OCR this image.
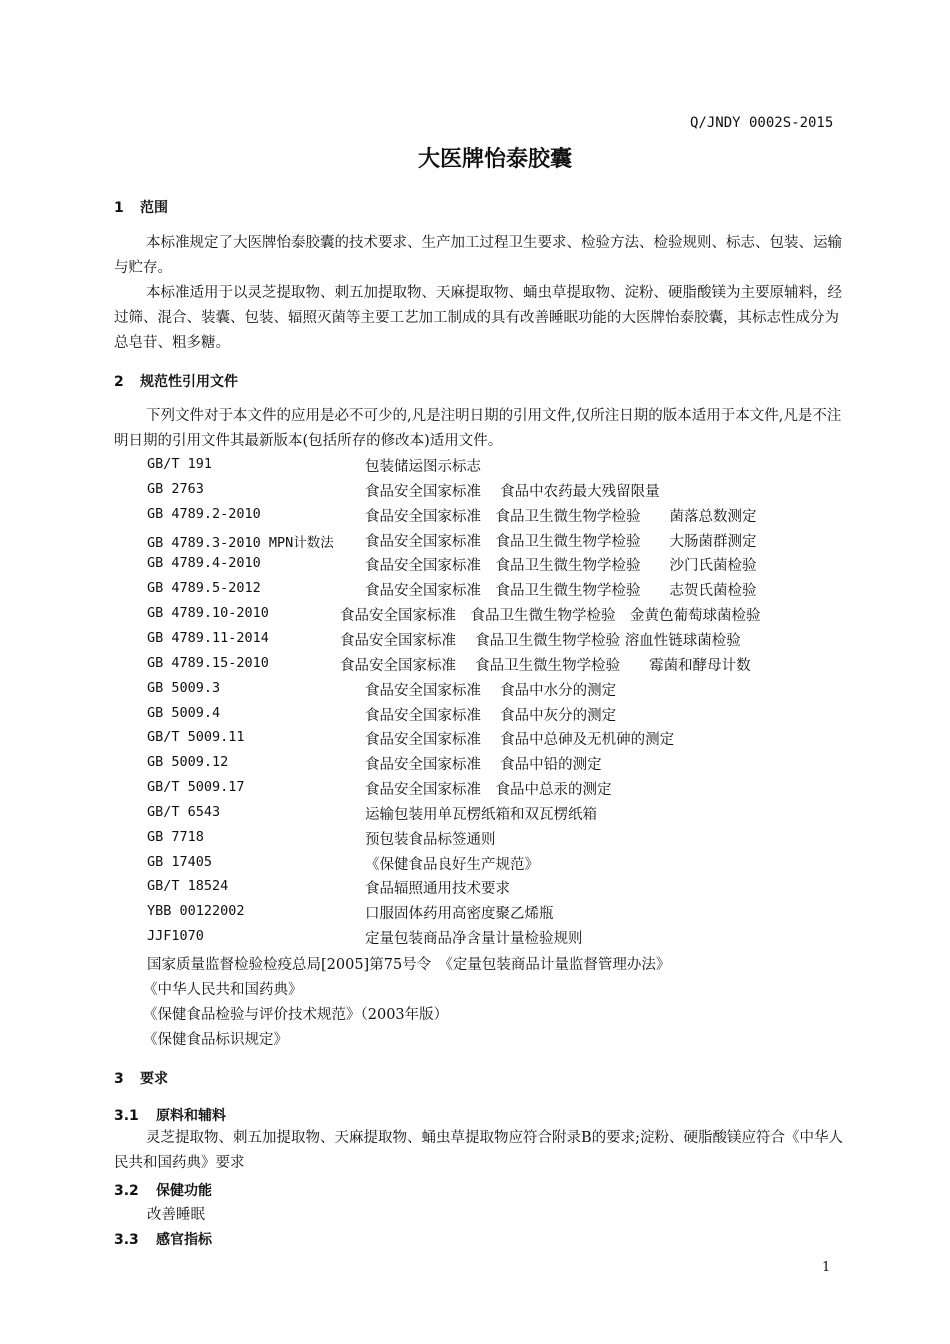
Q/JNDY 0002S-2015
大医牌怡泰胶囊
1 范围
本标准规定了大医牌怡泰胶囊的技术要求、生产加工过程卫生要求、检验方法、检验规则、标志、包装、运输与贮存。
本标准适用于以灵芝提取物、刺五加提取物、天麻提取物、蛹虫草提取物、淀粉、硬脂酸镁为主要原辅料，经过筛、混合、装囊、包装、辐照灭菌等主要工艺加工制成的具有改善睡眠功能的大医牌怡泰胶囊，其标志性成分为总皂苷、粗多糖。
2 规范性引用文件
下列文件对于本文件的应用是必不可少的,凡是注明日期的引用文件,仅所注日期的版本适用于本文件,凡是不注明日期的引用文件其最新版本(包括所存的修改本)适用文件。
GB/T 191	包装储运图示标志
GB 2763	食品安全国家标准　 食品中农药最大残留限量
GB 4789.2-2010	食品安全国家标准　食品卫生微生物学检验　　菌落总数测定
GB 4789.3-2010 MPN计数法 食品安全国家标准　食品卫生微生物学检验　　大肠菌群测定
GB 4789.4-2010	食品安全国家标准　食品卫生微生物学检验　　沙门氏菌检验
GB 4789.5-2012	食品安全国家标准　食品卫生微生物学检验　　志贺氏菌检验
GB 4789.10-2010	食品安全国家标准　食品卫生微生物学检验　金黄色葡萄球菌检验
GB 4789.11-2014	食品安全国家标准　 食品卫生微生物学检验 溶血性链球菌检验
GB 4789.15-2010	食品安全国家标准　 食品卫生微生物学检验　　霉菌和酵母计数
GB 5009.3	食品安全国家标准　 食品中水分的测定
GB 5009.4	食品安全国家标准　 食品中灰分的测定
GB/T 5009.11	食品安全国家标准　 食品中总砷及无机砷的测定
GB 5009.12	食品安全国家标准　 食品中铅的测定
GB/T 5009.17	食品安全国家标准　食品中总汞的测定
GB/T 6543	运输包装用单瓦楞纸箱和双瓦楞纸箱
GB 7718	预包装食品标签通则
GB 17405	《保健食品良好生产规范》
GB/T 18524	食品辐照通用技术要求
YBB 00122002	口服固体药用高密度聚乙烯瓶
JJF1070	定量包装商品净含量计量检验规则
国家质量监督检验检疫总局[2005]第75号令　《定量包装商品计量监督管理办法》
《中华人民共和国药典》
《保健食品检验与评价技术规范》（2003年版）
《保健食品标识规定》
3 要求
3.1 原料和辅料
灵芝提取物、刺五加提取物、天麻提取物、蛹虫草提取物应符合附录B的要求;淀粉、硬脂酸镁应符合《中华人民共和国药典》要求
3.2 保健功能
改善睡眠
3.3 感官指标
1
